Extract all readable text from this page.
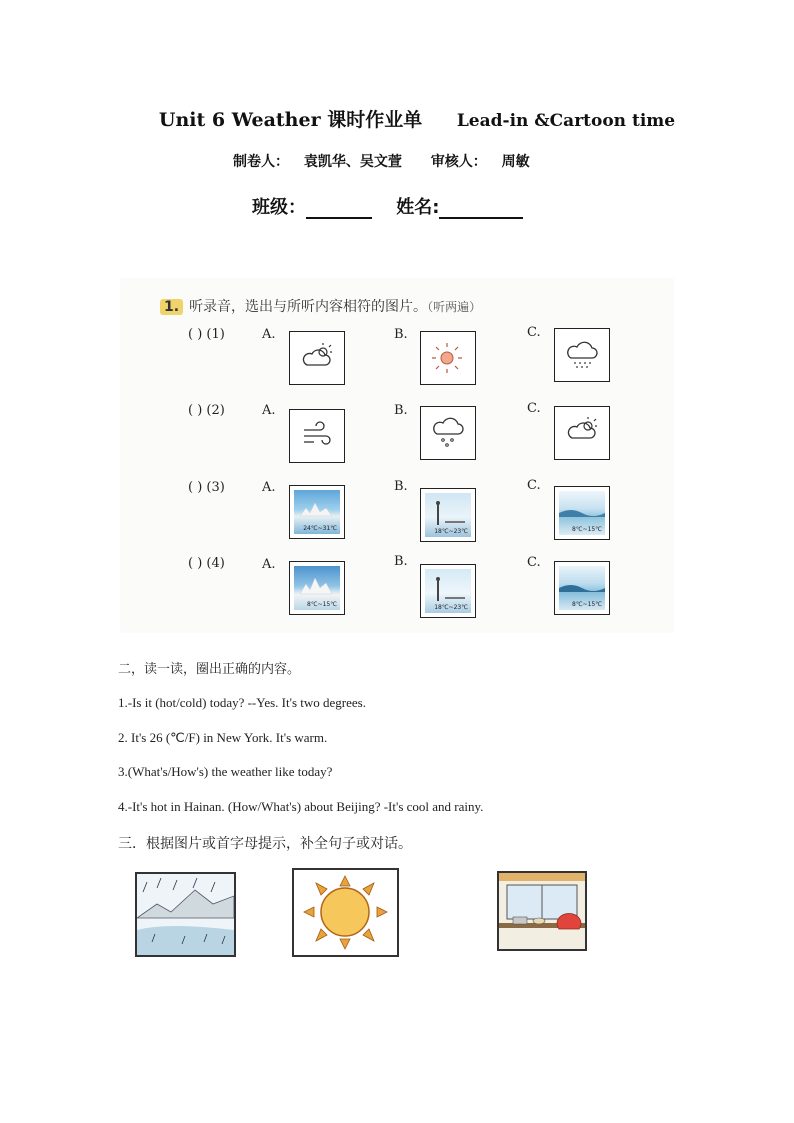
Unit 6 Weather 课时作业单 Lead-in &Cartoon time
制卷人： 袁凯华、吴文萱 审核人： 周敏
班级：	姓名:
1. 听录音，选出与所听内容相符的图片。（听两遍）
( ) (1)	A.	B.	C.
( ) (2)	A.	B.	C.
( ) (3)	A.	B.	C.
24℃~31℃	18℃~23℃	8℃~15℃
( ) (4)	A.	B.	C.
8℃~15℃	18℃~23℃	8℃~15℃
二，读一读，圈出正确的内容。
1.-Is it (hot/cold) today? --Yes. It's two degrees.
2. It's 26 (℃/F) in New York. It's warm.
3.(What's/How's) the weather like today?
4.-It's hot in Hainan. (How/What's) about Beijing? -It's cool and rainy.
三．根据图片或首字母提示，补全句子或对话。
